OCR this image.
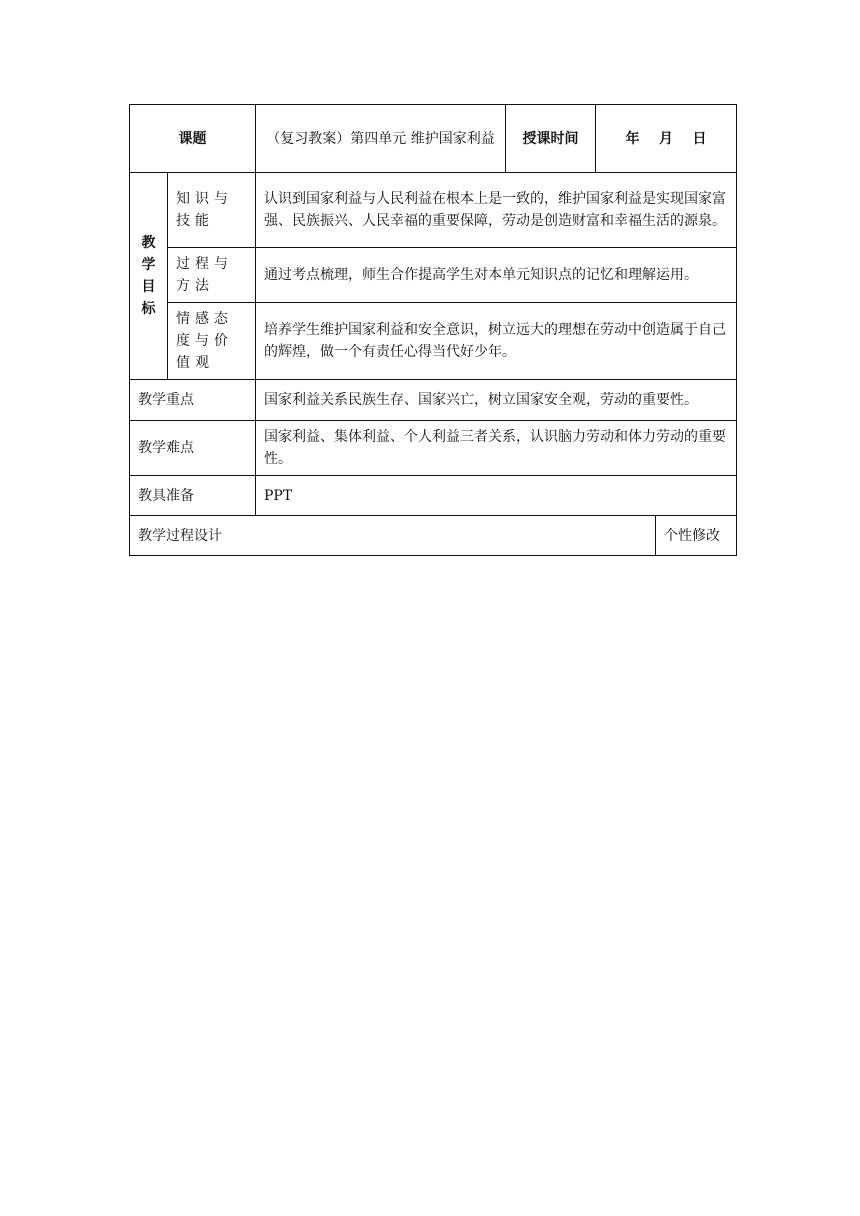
课题		（复习教案）第四单元 维护国家利益	授课时间	年    月    日	

教
学
目
标	知识与技能	认识到国家利益与人民利益在根本上是一致的，维护国家利益是实现国家富强、民族振兴、人民幸福的重要保障，劳动是创造财富和幸福生活的源泉。			
	过程与方法	通过考点梳理，师生合作提高学生对本单元知识点的记忆和理解运用。			
	情感态度与价值观	培养学生维护国家利益和安全意识，树立远大的理想在劳动中创造属于自己的辉煌，做一个有责任心得当代好少年。			
教学重点		国家利益关系民族生存、国家兴亡，树立国家安全观，劳动的重要性。			
教学难点		国家利益、集体利益、个人利益三者关系，认识脑力劳动和体力劳动的重要性。			
教具准备		PPT			
教学过程设计					个性修改
